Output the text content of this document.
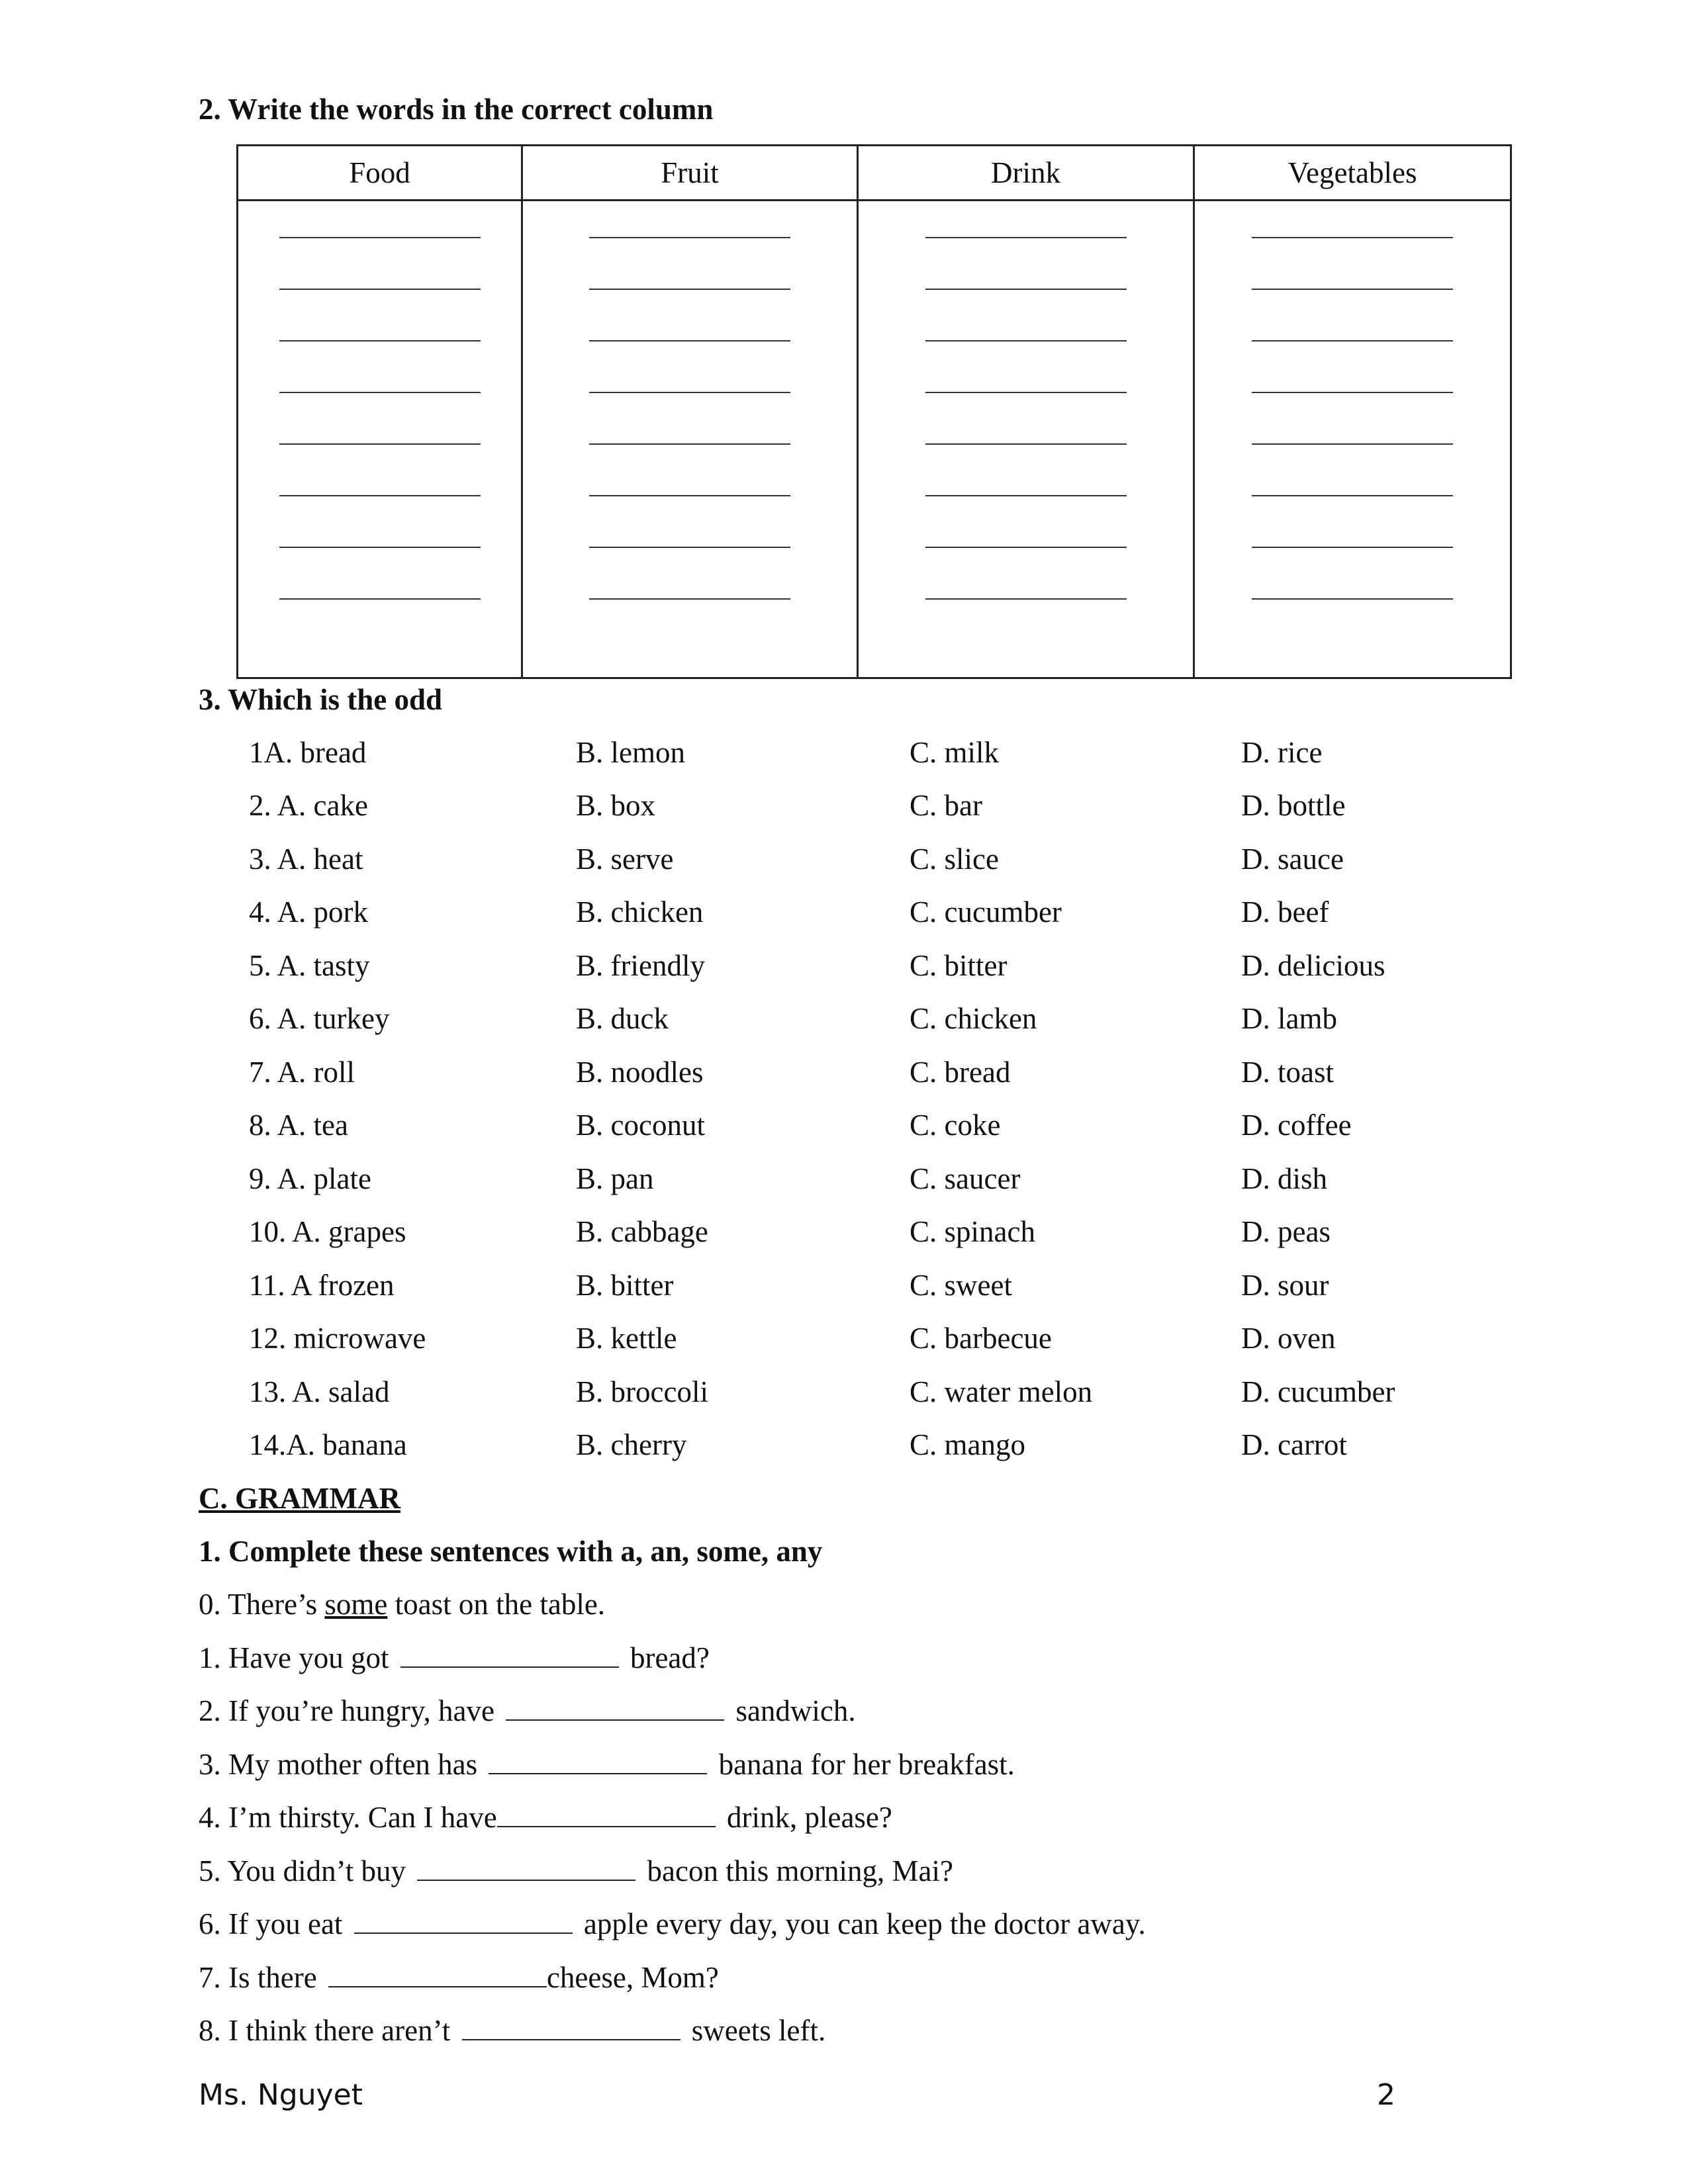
2. Write the words in the correct column
Food	Fruit	Drink	Vegetables

3. Which is the odd
1A. bread	B. lemon	C. milk	D. rice
2. A. cake	B. box	C. bar	D. bottle
3. A. heat	B. serve	C. slice	D. sauce
4. A. pork	B. chicken	C. cucumber	D. beef
5. A. tasty	B. friendly	C. bitter	D. delicious
6. A. turkey	B. duck	C. chicken	D. lamb
7. A. roll	B. noodles	C. bread	D. toast
8. A. tea	B. coconut	C. coke	D. coffee
9. A. plate	B. pan	C. saucer	D. dish
10. A. grapes	B. cabbage	C. spinach	D. peas
11. A frozen	B. bitter	C. sweet	D. sour
12. microwave	B. kettle	C. barbecue	D. oven
13. A. salad	B. broccoli	C. water melon	D. cucumber
14.A. banana	B. cherry	C. mango	D. carrot
C. GRAMMAR
1. Complete these sentences with a, an, some, any
0. There’s some toast on the table.
1. Have you got	bread?
2. If you’re hungry, have	sandwich.
3. My mother often has	banana for her breakfast.
4. I’m thirsty. Can I have	drink, please?
5. You didn’t buy	bacon this morning, Mai?
6. If you eat	apple every day, you can keep the doctor away.
7. Is there	cheese, Mom?
8. I think there aren’t	sweets left.
Ms. Nguyet	2
